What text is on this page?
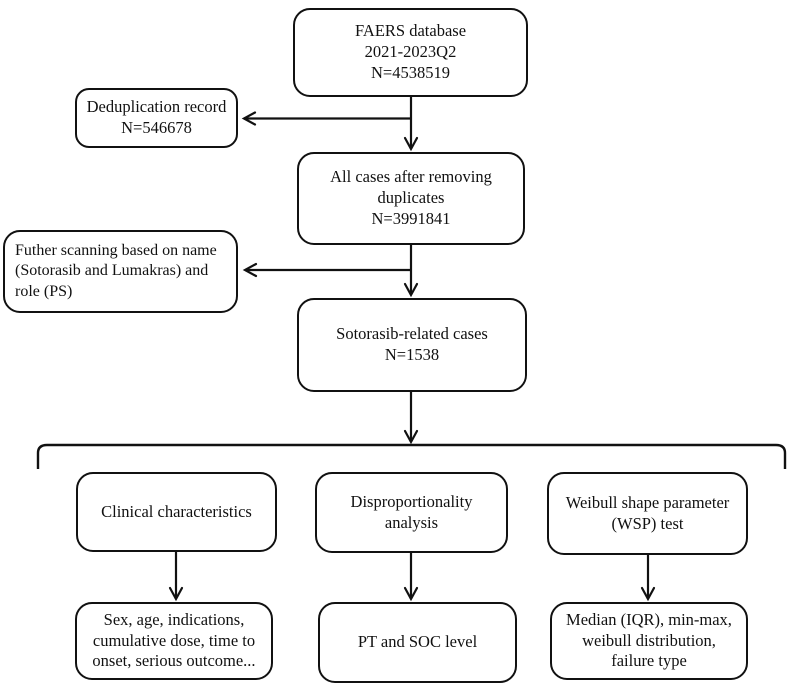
FAERS database
2021-2023Q2
N=4538519
Deduplication record
N=546678
All cases after removing
duplicates
N=3991841
Futher scanning based on name
(Sotorasib and Lumakras) and
role (PS)
Sotorasib-related cases
N=1538
Clinical characteristics
Disproportionality
analysis
Weibull shape parameter
(WSP) test
Sex, age, indications,
cumulative dose, time to
onset, serious outcome...
PT and SOC level
Median (IQR), min-max,
weibull distribution,
failure type
